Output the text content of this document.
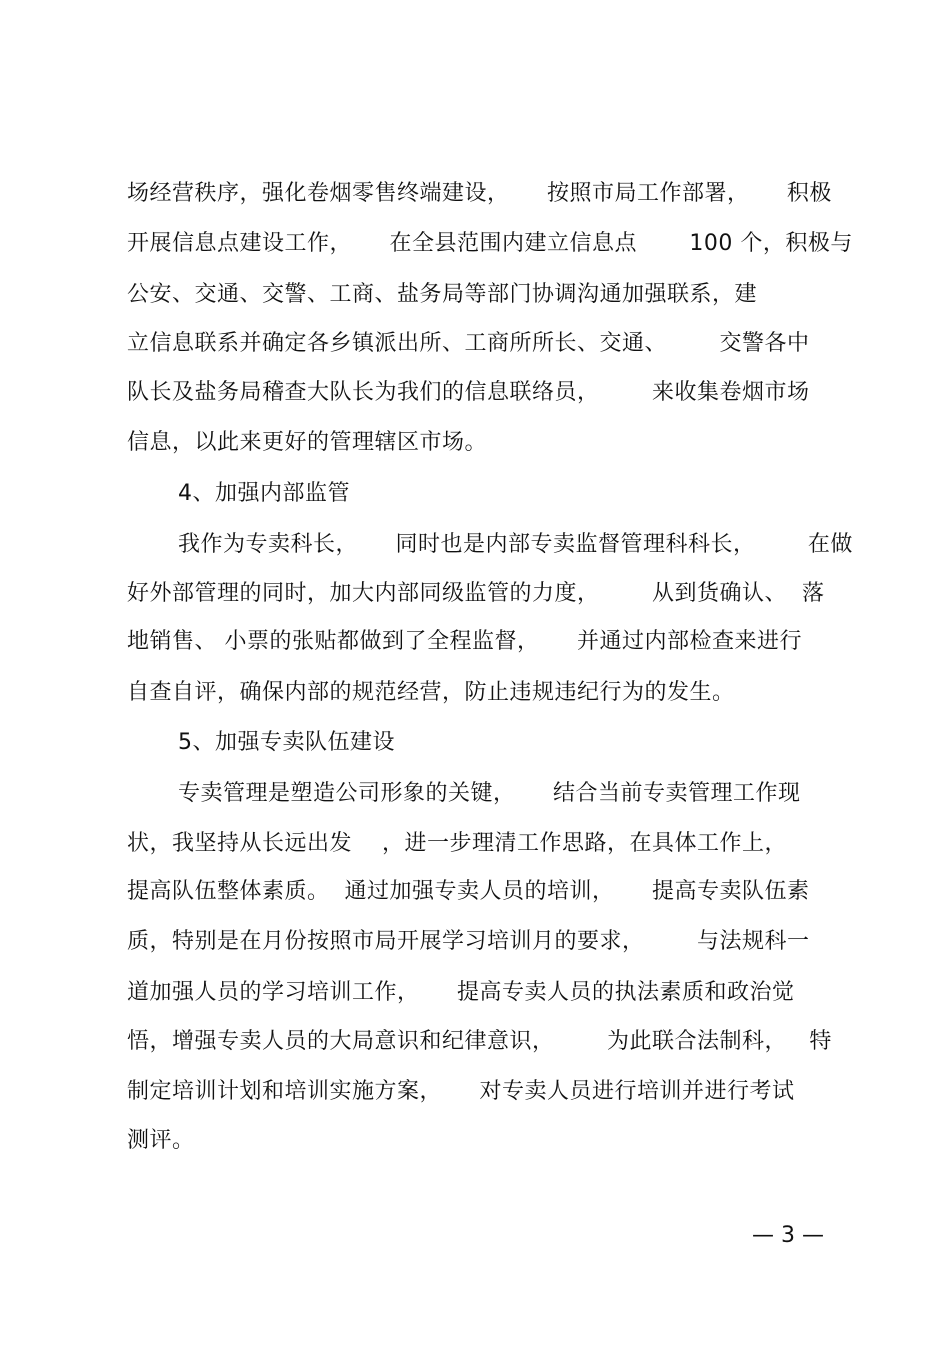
场经营秩序，强化卷烟零售终端建设，     按照市局工作部署，     积极
开展信息点建设工作，     在全县范围内建立信息点       100 个，积极与
公安、交通、交警、工商、盐务局等部门协调沟通加强联系，建
立信息联系并确定各乡镇派出所、工商所所长、交通、       交警各中
队长及盐务局稽查大队长为我们的信息联络员，       来收集卷烟市场
信息，以此来更好的管理辖区市场。
4、加强内部监管
我作为专卖科长，     同时也是内部专卖监督管理科科长，       在做
好外部管理的同时，加大内部同级监管的力度，       从到货确认、  落
地销售、 小票的张贴都做到了全程监督，     并通过内部检查来进行
自查自评，确保内部的规范经营，防止违规违纪行为的发生。
5、加强专卖队伍建设
专卖管理是塑造公司形象的关键，     结合当前专卖管理工作现
状，我坚持从长远出发    ，进一步理清工作思路，在具体工作上，
提高队伍整体素质。  通过加强专卖人员的培训，     提高专卖队伍素
质，特别是在月份按照市局开展学习培训月的要求，       与法规科一
道加强人员的学习培训工作，     提高专卖人员的执法素质和政治觉
悟，增强专卖人员的大局意识和纪律意识，       为此联合法制科，   特
制定培训计划和培训实施方案，     对专卖人员进行培训并进行考试
测评。
— 3 —
